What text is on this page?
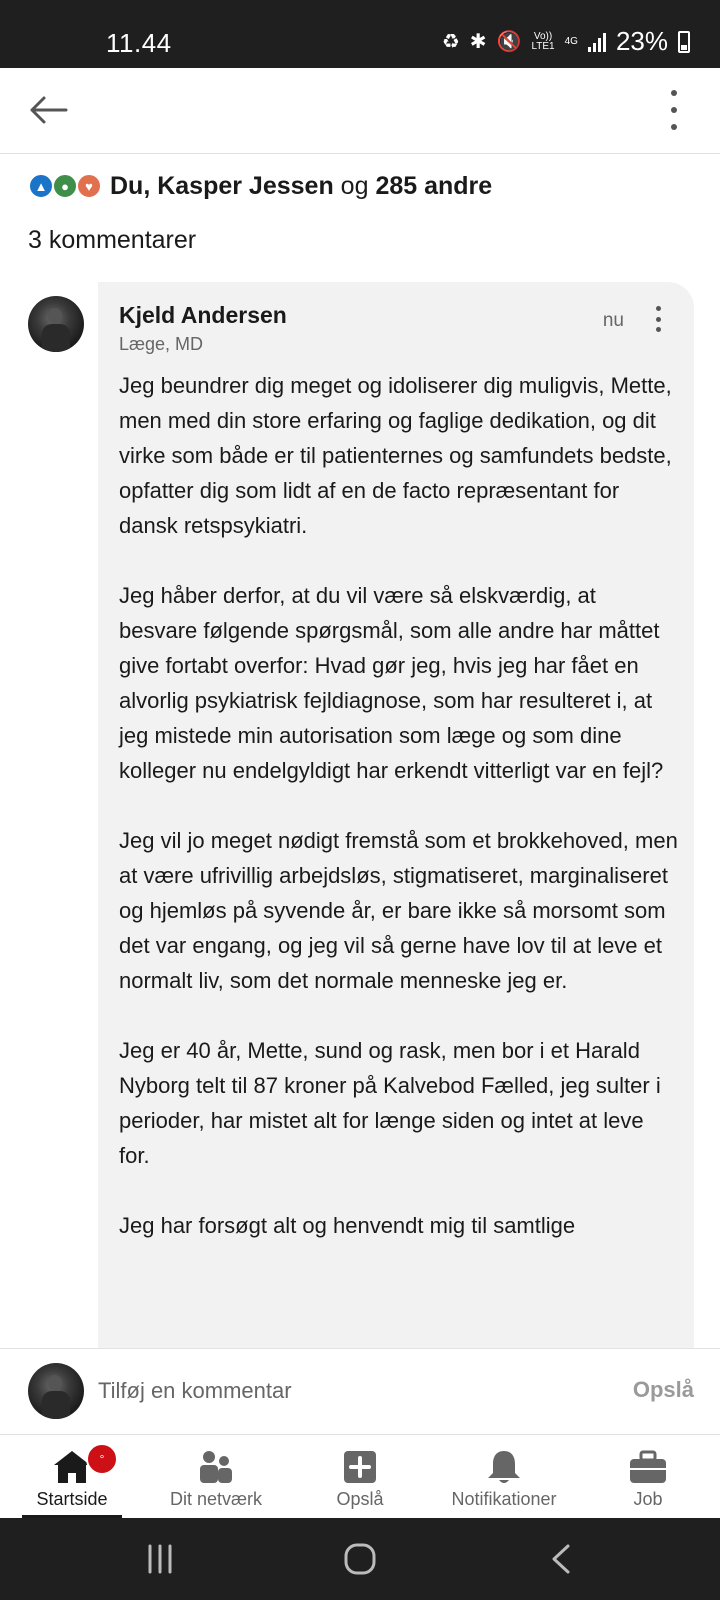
11.44	♻ ✱ 🔇 Vo))
LTE1 4G 23%
▲	●	♥ Du, Kasper Jessen og 285 andre
3 kommentarer
Kjeld Andersen
Læge, MD
nu

Jeg beundrer dig meget og idoliserer dig muligvis, Mette, men med din store erfaring og faglige dedikation, og dit virke som både er til patienternes og samfundets bedste, opfatter dig som lidt af en de facto repræsentant for dansk retspsykiatri.

Jeg håber derfor, at du vil være så elskværdig, at besvare følgende spørgsmål, som alle andre har måttet give fortabt overfor: Hvad gør jeg, hvis jeg har fået en alvorlig psykiatrisk fejldiagnose, som har resulteret i, at jeg mistede min autorisation som læge og som dine kolleger nu endelgyldigt har erkendt vitterligt var en fejl?

Jeg vil jo meget nødigt fremstå som et brokkehoved, men at være ufrivillig arbejdsløs, stigmatiseret, marginaliseret og hjemløs på syvende år, er bare ikke så morsomt som det var engang, og jeg vil så gerne have lov til at leve et normalt liv, som det normale menneske jeg er.

Jeg er 40 år, Mette, sund og rask, men bor i et Harald Nyborg telt til 87 kroner på Kalvebod Fælled, jeg sulter i perioder, har mistet alt for længe siden og intet at leve for.

Jeg har forsøgt alt og henvendt mig til samtlige

Tilføj en kommentar
Opslå
Startside
°
Dit netværk	Opslå	Notifikationer	Job
